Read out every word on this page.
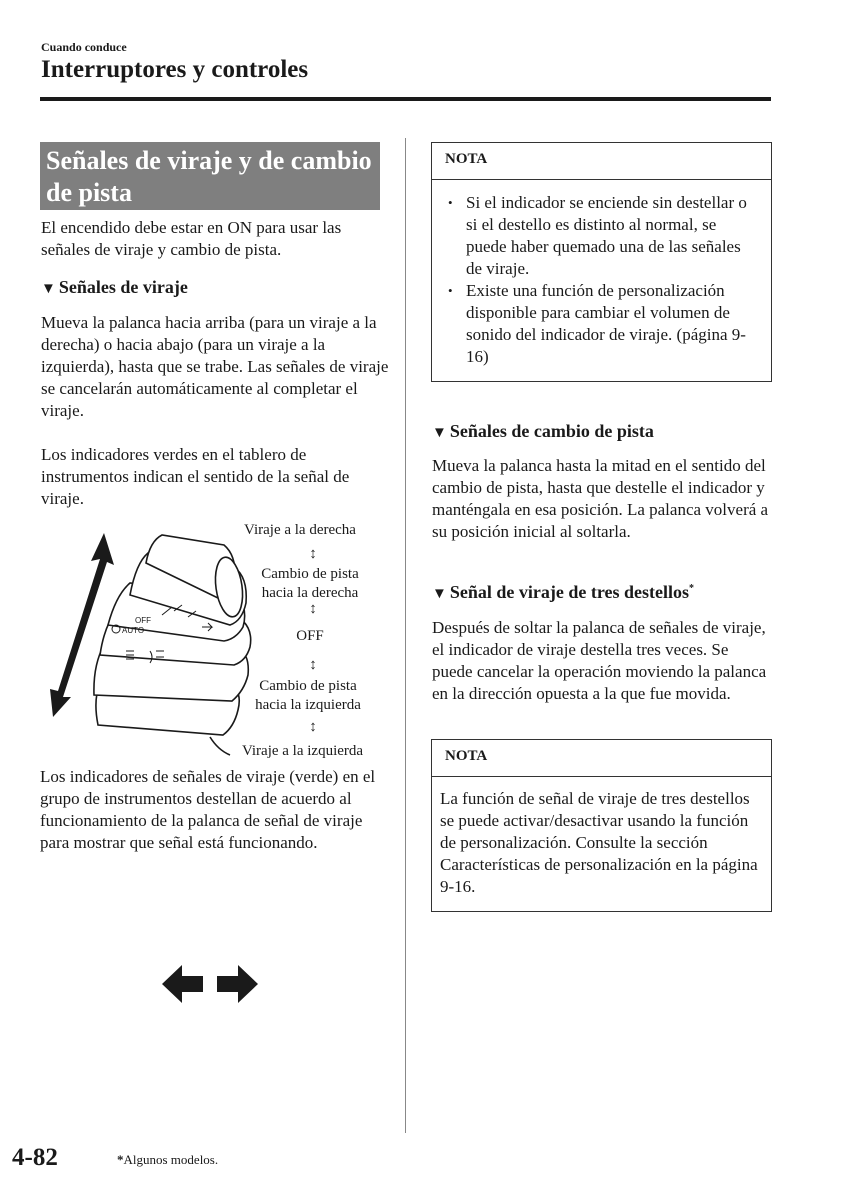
Cuando conduce
Interruptores y controles
Señales de viraje y de cambio de pista
El encendido debe estar en ON para usar las señales de viraje y cambio de pista.
▼ Señales de viraje
Mueva la palanca hacia arriba (para un viraje a la derecha) o hacia abajo (para un viraje a la izquierda), hasta que se trabe. Las señales de viraje se cancelarán automáticamente al completar el viraje.
Los indicadores verdes en el tablero de instrumentos indican el sentido de la señal de viraje.
AUTO
OFF
Viraje a la derecha
↕
Cambio de pista
hacia la derecha
↕
OFF
↕
Cambio de pista
hacia la izquierda
↕
Viraje a la izquierda
Los indicadores de señales de viraje (verde) en el grupo de instrumentos destellan de acuerdo al funcionamiento de la palanca de señal de viraje para mostrar que señal está funcionando.
NOTA
• Si el indicador se enciende sin destellar o si el destello es distinto al normal, se puede haber quemado una de las señales de viraje.
• Existe una función de personalización disponible para cambiar el volumen de sonido del indicador de viraje. (página 9-16)
▼ Señales de cambio de pista
Mueva la palanca hasta la mitad en el sentido del cambio de pista, hasta que destelle el indicador y manténgala en esa posición. La palanca volverá a su posición inicial al soltarla.
▼ Señal de viraje de tres destellos*
Después de soltar la palanca de señales de viraje, el indicador de viraje destella tres veces. Se puede cancelar la operación moviendo la palanca en la dirección opuesta a la que fue movida.
NOTA
La función de señal de viraje de tres destellos se puede activar/desactivar usando la función de personalización. Consulte la sección Características de personalización en la página 9-16.
4-82	*Algunos modelos.
